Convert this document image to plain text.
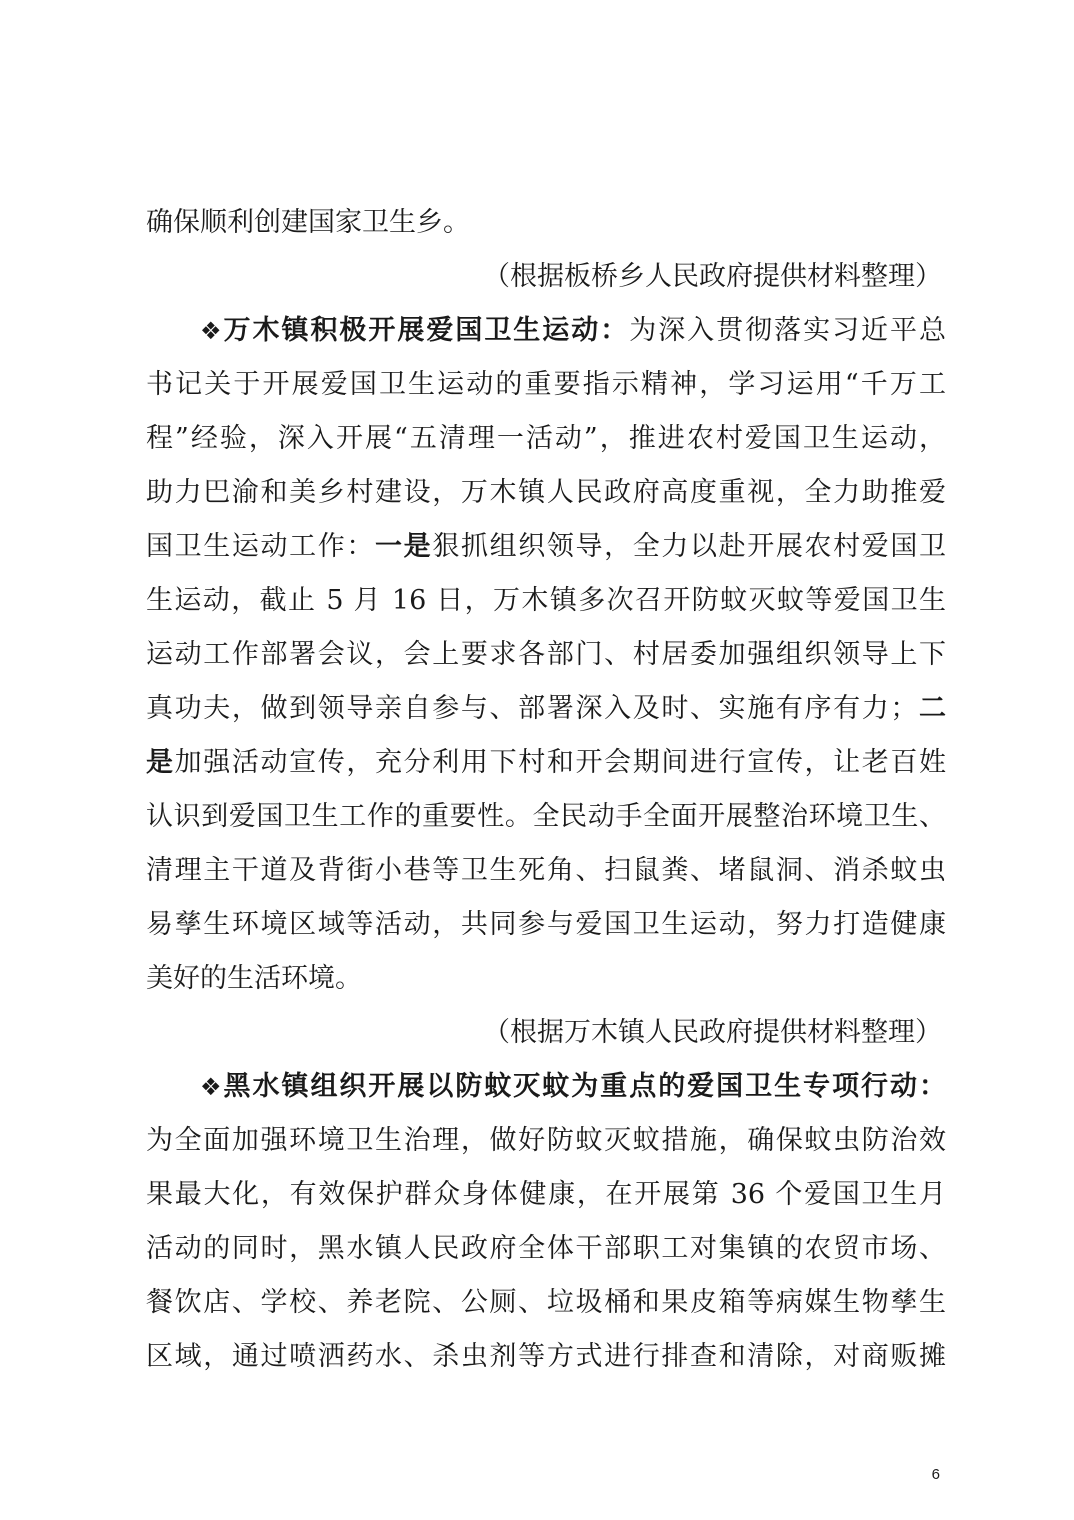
确保顺利创建国家卫生乡。
（根据板桥乡人民政府提供材料整理）
❖万木镇积极开展爱国卫生运动：为深入贯彻落实习近平总
书记关于开展爱国卫生运动的重要指示精神，学习运用“千万工
程”经验，深入开展“五清理一活动”，推进农村爱国卫生运动，
助力巴渝和美乡村建设，万木镇人民政府高度重视，全力助推爱
国卫生运动工作：一是狠抓组织领导，全力以赴开展农村爱国卫
生运动，截止 5 月 16 日，万木镇多次召开防蚊灭蚊等爱国卫生
运动工作部署会议，会上要求各部门、村居委加强组织领导上下
真功夫，做到领导亲自参与、部署深入及时、实施有序有力；二
是加强活动宣传，充分利用下村和开会期间进行宣传，让老百姓
认识到爱国卫生工作的重要性。全民动手全面开展整治环境卫生、
清理主干道及背街小巷等卫生死角、扫鼠粪、堵鼠洞、消杀蚊虫
易孳生环境区域等活动，共同参与爱国卫生运动，努力打造健康
美好的生活环境。
（根据万木镇人民政府提供材料整理）
❖黑水镇组织开展以防蚊灭蚊为重点的爱国卫生专项行动：
为全面加强环境卫生治理，做好防蚊灭蚊措施，确保蚊虫防治效
果最大化，有效保护群众身体健康，在开展第 36 个爱国卫生月
活动的同时，黑水镇人民政府全体干部职工对集镇的农贸市场、
餐饮店、学校、养老院、公厕、垃圾桶和果皮箱等病媒生物孳生
区域，通过喷洒药水、杀虫剂等方式进行排查和清除，对商贩摊
6
